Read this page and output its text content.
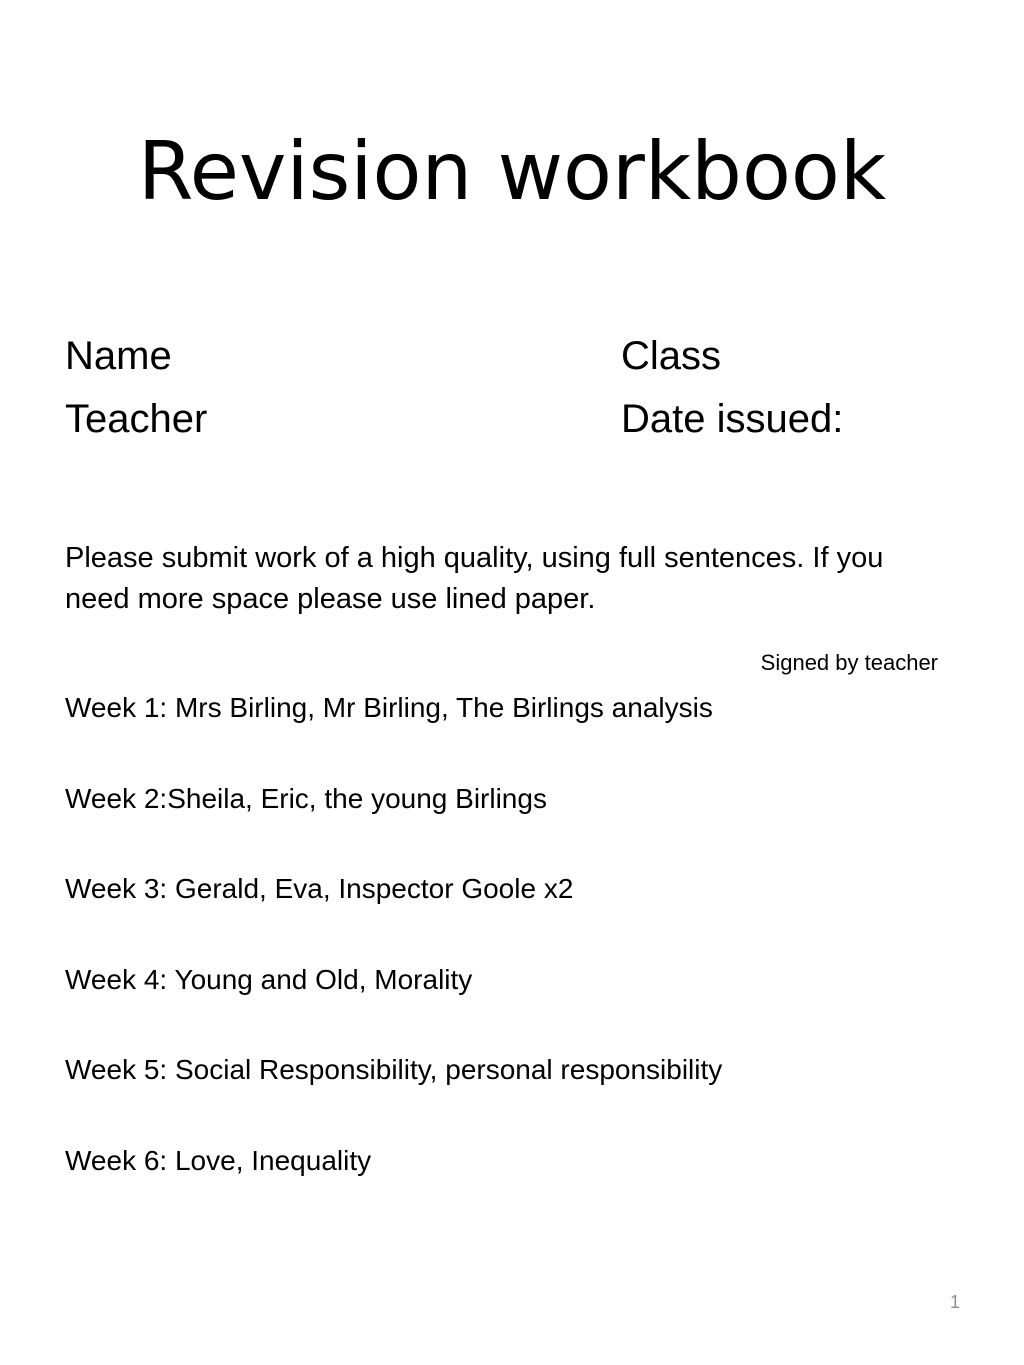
Revision workbook
Name	Class
Teacher	Date issued:

Please submit work of a high quality, using full sentences. If you need more space please use lined paper.

Signed by teacher
Week 1: Mrs Birling, Mr Birling, The Birlings analysis
Week 2:Sheila, Eric, the young Birlings
Week 3: Gerald, Eva, Inspector Goole x2
Week 4: Young and Old, Morality
Week 5: Social Responsibility, personal responsibility
Week 6: Love, Inequality
1
